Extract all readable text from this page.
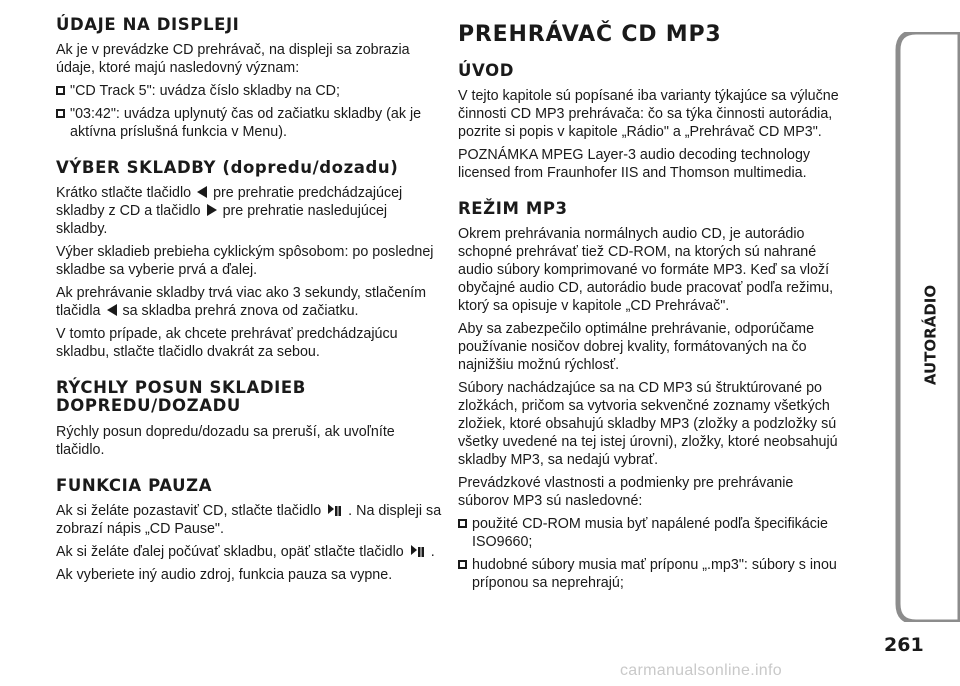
AUTORÁDIO
ÚDAJE NA DISPLEJI

Ak je v prevádzke CD prehrávač, na displeji sa zobrazia údaje, ktoré majú nasledovný význam:

"CD Track 5": uvádza číslo skladby na CD;
"03:42": uvádza uplynutý čas od začiatku skladby (ak je aktívna príslušná funkcia v Menu).
VÝBER SKLADBY (dopredu/dozadu)

Krátko stlačte tlačidlo pre prehratie predchádzajúcej skladby z CD a tlačidlo pre prehratie nasledujúcej skladby.

Výber skladieb prebieha cyklickým spôsobom: po poslednej skladbe sa vyberie prvá a ďalej.

Ak prehrávanie skladby trvá viac ako 3 sekundy, stlačením tlačidla sa skladba prehrá znova od začiatku.

V tomto prípade, ak chcete prehrávať predchádzajúcu skladbu, stlačte tlačidlo dvakrát za sebou.

RÝCHLY POSUN SKLADIEB
DOPREDU/DOZADU

Rýchly posun dopredu/dozadu sa preruší, ak uvoľníte tlačidlo.

FUNKCIA PAUZA

Ak si želáte pozastaviť CD, stlačte tlačidlo . Na displeji sa zobrazí nápis „CD Pause".

Ak si želáte ďalej počúvať skladbu, opäť stlačte tlačidlo .

Ak vyberiete iný audio zdroj, funkcia pauza sa vypne.

PREHRÁVAČ CD MP3
ÚVOD

V tejto kapitole sú popísané iba varianty týkajúce sa výlučne činnosti CD MP3 prehrávača: čo sa týka činnosti autorádia, pozrite si popis v kapitole „Rádio" a „Prehrávač CD MP3".

POZNÁMKA MPEG Layer-3 audio decoding technology licensed from Fraunhofer IIS and Thomson multimedia.

REŽIM MP3

Okrem prehrávania normálnych audio CD, je autorádio schopné prehrávať tiež CD-ROM, na ktorých sú nahrané audio súbory komprimované vo formáte MP3. Keď sa vloží obyčajné audio CD, autorádio bude pracovať podľa režimu, ktorý sa opisuje v kapitole „CD Prehrávač".

Aby sa zabezpečilo optimálne prehrávanie, odporúčame používanie nosičov dobrej kvality, formátovaných na čo najnižšiu možnú rýchlosť.

Súbory nachádzajúce sa na CD MP3 sú štruktúrované po zložkách, pričom sa vytvoria sekvenčné zoznamy všetkých zložiek, ktoré obsahujú skladby MP3 (zložky a podzložky sú všetky uvedené na tej istej úrovni), zložky, ktoré neobsahujú skladby MP3, sa nedajú vybrať.

Prevádzkové vlastnosti a podmienky pre prehrávanie súborov MP3 sú nasledovné:

použité CD-ROM musia byť napálené podľa špecifikácie ISO9660;
hudobné súbory musia mať príponu „.mp3": súbory s inou príponou sa neprehrajú;
261
carmanualsonline.info
